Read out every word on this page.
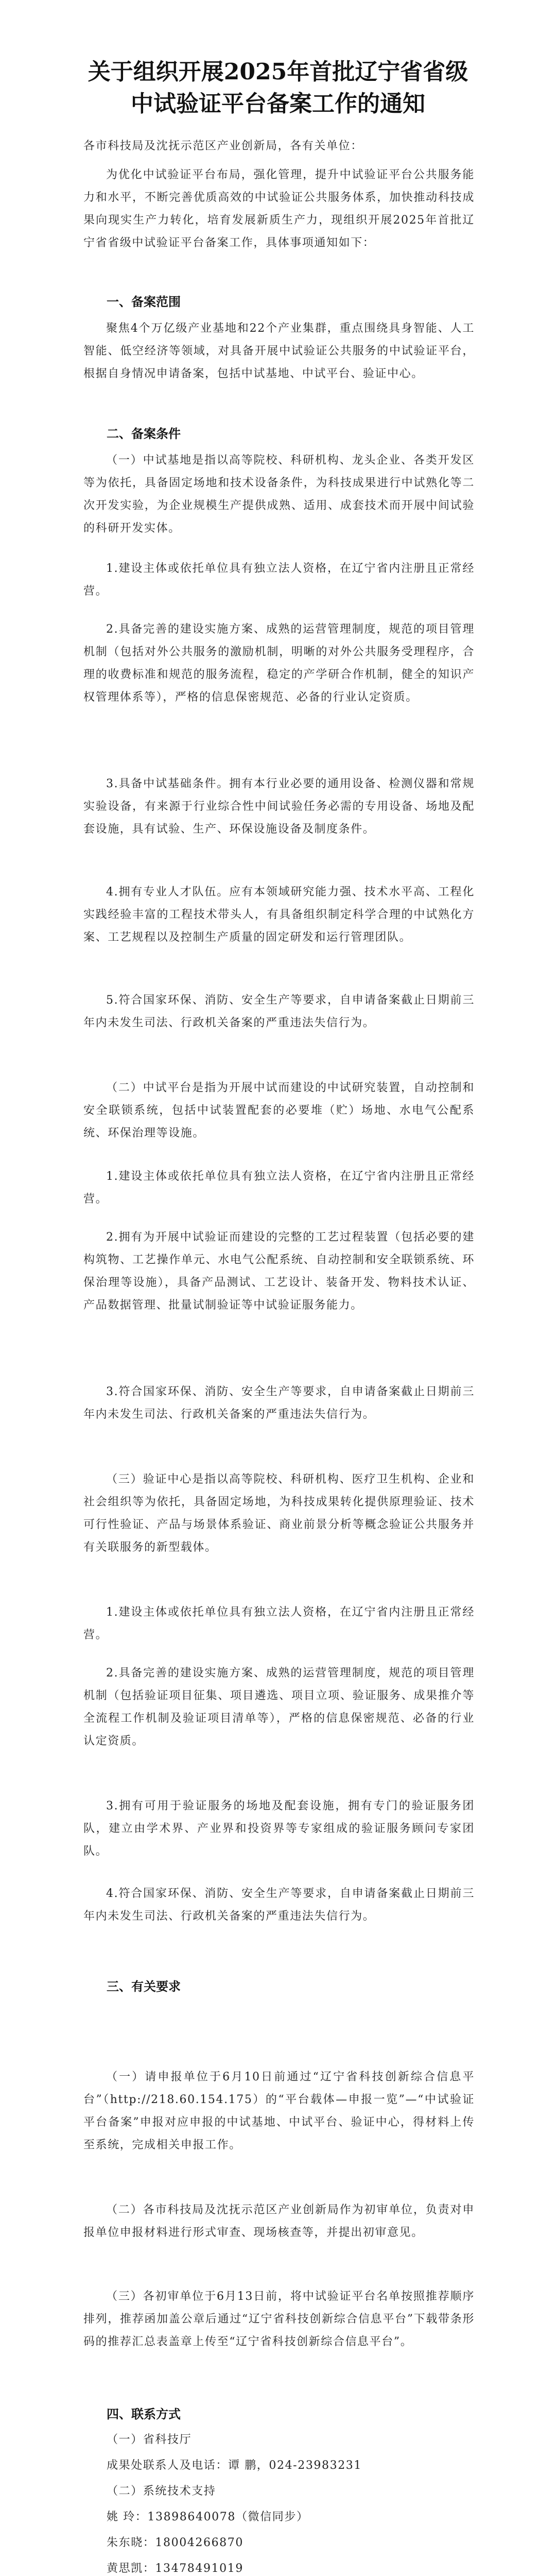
关于组织开展2025年首批辽宁省省级
中试验证平台备案工作的通知
各市科技局及沈抚示范区产业创新局，各有关单位：
为优化中试验证平台布局，强化管理，提升中试验证平台公共服务能力和水平，不断完善优质高效的中试验证公共服务体系，加快推动科技成果向现实生产力转化，培育发展新质生产力，现组织开展2025年首批辽宁省省级中试验证平台备案工作，具体事项通知如下：
一、备案范围
聚焦4个万亿级产业基地和22个产业集群，重点围绕具身智能、人工智能、低空经济等领域，对具备开展中试验证公共服务的中试验证平台，根据自身情况申请备案，包括中试基地、中试平台、验证中心。
二、备案条件
（一）中试基地是指以高等院校、科研机构、龙头企业、各类开发区等为依托，具备固定场地和技术设备条件，为科技成果进行中试熟化等二次开发实验，为企业规模生产提供成熟、适用、成套技术而开展中间试验的科研开发实体。
1.建设主体或依托单位具有独立法人资格，在辽宁省内注册且正常经营。
2.具备完善的建设实施方案、成熟的运营管理制度，规范的项目管理机制（包括对外公共服务的激励机制，明晰的对外公共服务受理程序，合理的收费标准和规范的服务流程，稳定的产学研合作机制，健全的知识产权管理体系等），严格的信息保密规范、必备的行业认定资质。
3.具备中试基础条件。拥有本行业必要的通用设备、检测仪器和常规实验设备，有来源于行业综合性中间试验任务必需的专用设备、场地及配套设施，具有试验、生产、环保设施设备及制度条件。
4.拥有专业人才队伍。应有本领域研究能力强、技术水平高、工程化实践经验丰富的工程技术带头人，有具备组织制定科学合理的中试熟化方案、工艺规程以及控制生产质量的固定研发和运行管理团队。
5.符合国家环保、消防、安全生产等要求，自申请备案截止日期前三年内未发生司法、行政机关备案的严重违法失信行为。
（二）中试平台是指为开展中试而建设的中试研究装置，自动控制和安全联锁系统，包括中试装置配套的必要堆（贮）场地、水电气公配系统、环保治理等设施。
1.建设主体或依托单位具有独立法人资格，在辽宁省内注册且正常经营。
2.拥有为开展中试验证而建设的完整的工艺过程装置（包括必要的建构筑物、工艺操作单元、水电气公配系统、自动控制和安全联锁系统、环保治理等设施），具备产品测试、工艺设计、装备开发、物料技术认证、产品数据管理、批量试制验证等中试验证服务能力。
3.符合国家环保、消防、安全生产等要求，自申请备案截止日期前三年内未发生司法、行政机关备案的严重违法失信行为。
（三）验证中心是指以高等院校、科研机构、医疗卫生机构、企业和社会组织等为依托，具备固定场地，为科技成果转化提供原理验证、技术可行性验证、产品与场景体系验证、商业前景分析等概念验证公共服务并有关联服务的新型载体。
1.建设主体或依托单位具有独立法人资格，在辽宁省内注册且正常经营。
2.具备完善的建设实施方案、成熟的运营管理制度，规范的项目管理机制（包括验证项目征集、项目遴选、项目立项、验证服务、成果推介等全流程工作机制及验证项目清单等），严格的信息保密规范、必备的行业认定资质。
3.拥有可用于验证服务的场地及配套设施，拥有专门的验证服务团队，建立由学术界、产业界和投资界等专家组成的验证服务顾问专家团队。
4.符合国家环保、消防、安全生产等要求，自申请备案截止日期前三年内未发生司法、行政机关备案的严重违法失信行为。
三、有关要求
（一）请申报单位于6月10日前通过“辽宁省科技创新综合信息平台”（http://218.60.154.175）的“平台载体—申报一览”—“中试验证平台备案”申报对应申报的中试基地、中试平台、验证中心，得材料上传至系统，完成相关申报工作。
（二）各市科技局及沈抚示范区产业创新局作为初审单位，负责对申报单位申报材料进行形式审查、现场核查等，并提出初审意见。
（三）各初审单位于6月13日前，将中试验证平台名单按照推荐顺序排列，推荐函加盖公章后通过“辽宁省科技创新综合信息平台”下载带条形码的推荐汇总表盖章上传至“辽宁省科技创新综合信息平台”。
四、联系方式
（一）省科技厅
成果处联系人及电话：谭 鹏，024-23983231
（二）系统技术支持
姚 玲：13898640078（微信同步）
朱东晓：18004266870
黄思凯：13478491019
